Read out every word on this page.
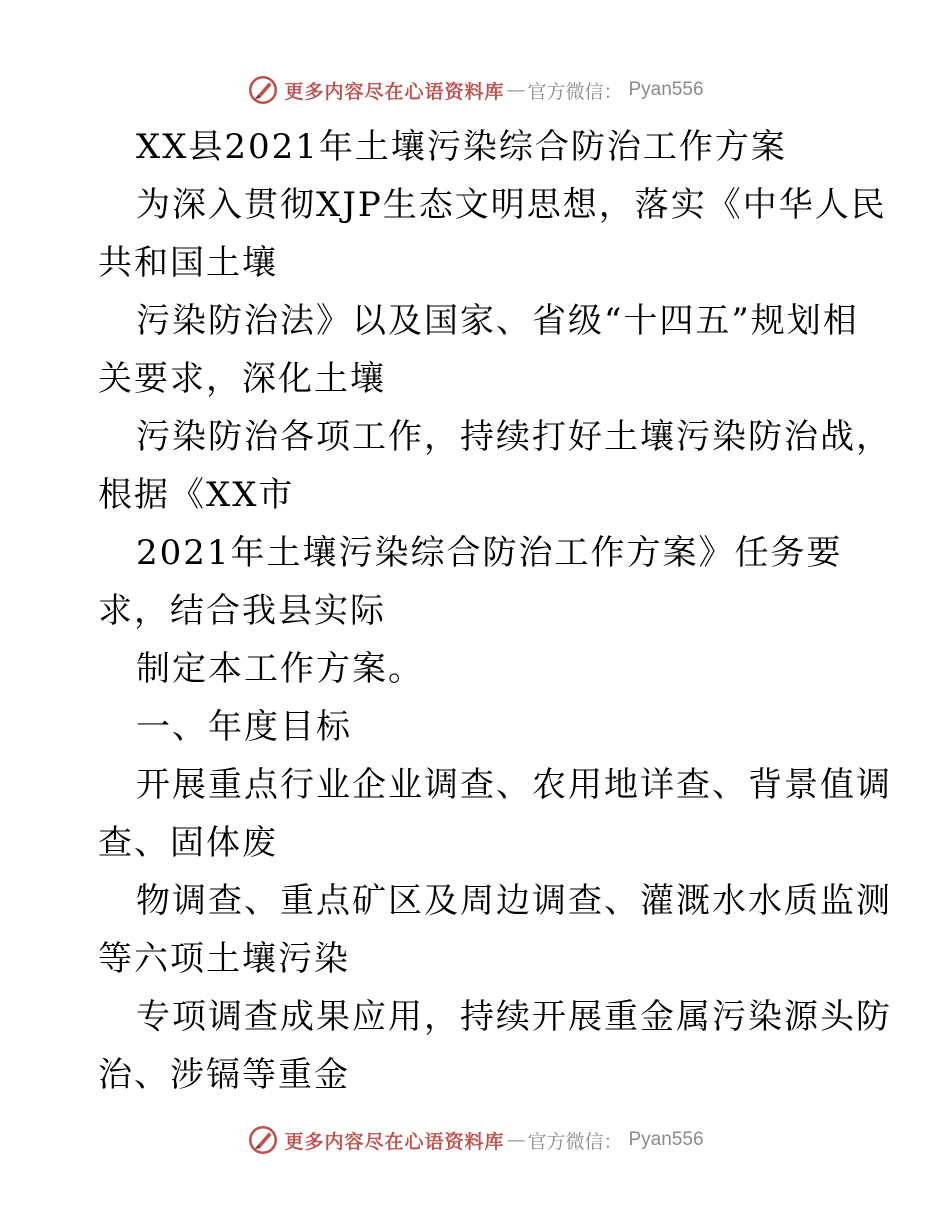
更多内容尽在心语资料库 — 官方微信： Pyan556
XX县2021年土壤污染综合防治工作方案
为深入贯彻XJP生态文明思想，落实《中华人民
共和国土壤
污染防治法》以及国家、省级“十四五”规划相
关要求，深化土壤
污染防治各项工作，持续打好土壤污染防治战，
根据《XX市
2021年土壤污染综合防治工作方案》任务要
求，结合我县实际
制定本工作方案。
一、年度目标
开展重点行业企业调查、农用地详查、背景值调
查、固体废
物调查、重点矿区及周边调查、灌溉水水质监测
等六项土壤污染
专项调查成果应用，持续开展重金属污染源头防
治、涉镉等重金
更多内容尽在心语资料库 — 官方微信： Pyan556
